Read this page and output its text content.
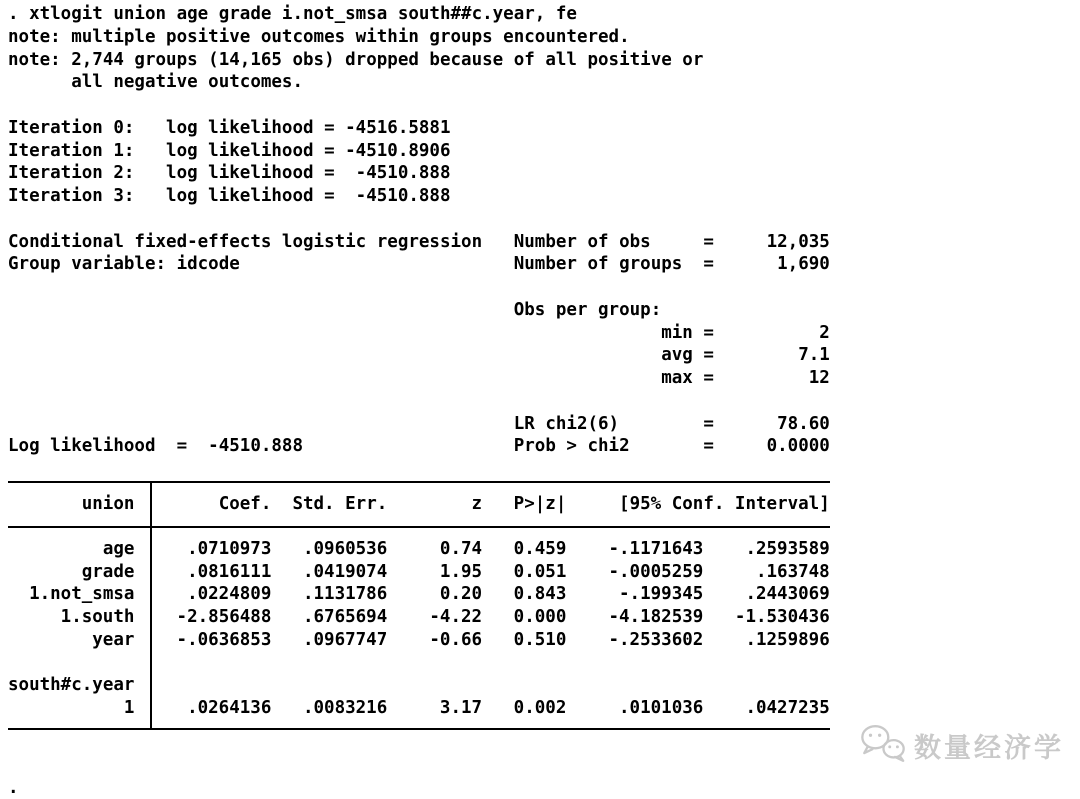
. xtlogit union age grade i.not_smsa south##c.year, fe
note: multiple positive outcomes within groups encountered.
note: 2,744 groups (14,165 obs) dropped because of all positive or
all negative outcomes.
Iteration 0:   log likelihood = -4516.5881
Iteration 1:   log likelihood = -4510.8906
Iteration 2:   log likelihood =  -4510.888
Iteration 3:   log likelihood =  -4510.888
Conditional fixed-effects logistic regression   Number of obs     =     12,035
Group variable: idcode                          Number of groups  =      1,690
Obs per group:
min =          2
avg =        7.1
max =         12
LR chi2(6)        =      78.60
Log likelihood  =  -4510.888                    Prob > chi2       =     0.0000
union	Coef.	Std. Err.	z	P>|z|	[95% Conf. Interval]
age	.0710973	.0960536	0.74	0.459	-.1171643	.2593589
grade	.0816111	.0419074	1.95	0.051	-.0005259	.163748
1.not_smsa	.0224809	.1131786	0.20	0.843	-.199345	.2443069
1.south	-2.856488	.6765694	-4.22	0.000	-4.182539	-1.530436
year	-.0636853	.0967747	-0.66	0.510	-.2533602	.1259896
south#c.year
1	.0264136	.0083216	3.17	0.002	.0101036	.0427235
.
数量经济学
